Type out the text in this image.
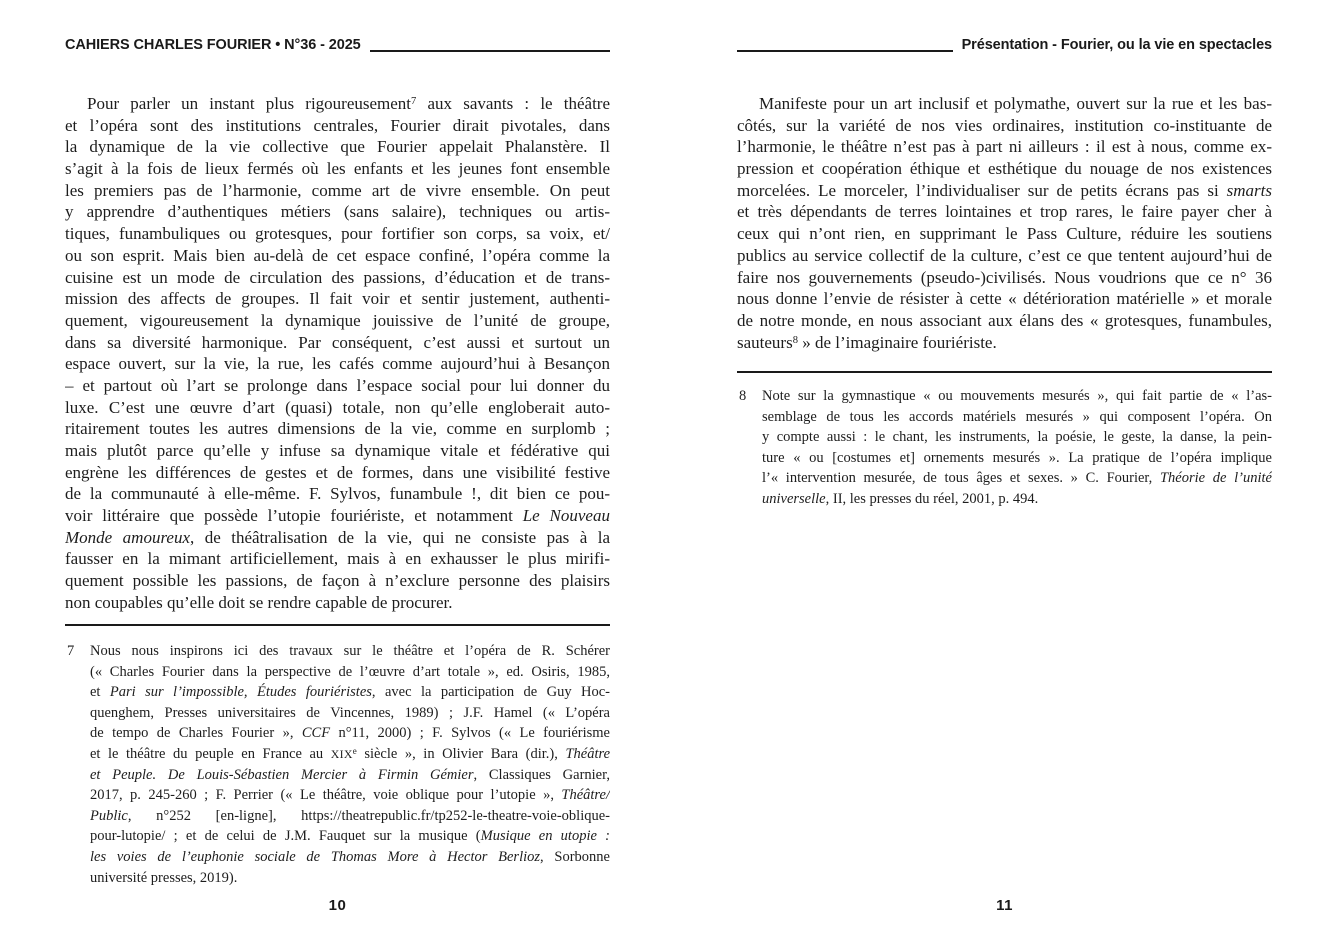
CAHIERS CHARLES FOURIER • N°36 - 2025
Pour parler un instant plus rigoureusement$^7$ aux savants : le théâtre
et l’opéra sont des institutions centrales, Fourier dirait pivotales, dans
la dynamique de la vie collective que Fourier appelait Phalanstère. Il
s’agit à la fois de lieux fermés où les enfants et les jeunes font ensemble
les premiers pas de l’harmonie, comme art de vivre ensemble. On peut
y apprendre d’authentiques métiers (sans salaire), techniques ou artis-
tiques, funambuliques ou grotesques, pour fortifier son corps, sa voix, et/
ou son esprit. Mais bien au-delà de cet espace confiné, l’opéra comme la
cuisine est un mode de circulation des passions, d’éducation et de trans-
mission des affects de groupes. Il fait voir et sentir justement, authenti-
quement, vigoureusement la dynamique jouissive de l’unité de groupe,
dans sa diversité harmonique. Par conséquent, c’est aussi et surtout un
espace ouvert, sur la vie, la rue, les cafés comme aujourd’hui à Besançon
– et partout où l’art se prolonge dans l’espace social pour lui donner du
luxe. C’est une œuvre d’art (quasi) totale, non qu’elle engloberait auto-
ritairement toutes les autres dimensions de la vie, comme en surplomb ;
mais plutôt parce qu’elle y infuse sa dynamique vitale et fédérative qui
engrène les différences de gestes et de formes, dans une visibilité festive
de la communauté à elle-même. F. Sylvos, funambule !, dit bien ce pou-
voir littéraire que possède l’utopie fouriériste, et notamment Le Nouveau
Monde amoureux, de théâtralisation de la vie, qui ne consiste pas à la
fausser en la mimant artificiellement, mais à en exhausser le plus mirifi-
quement possible les passions, de façon à n’exclure personne des plaisirs
non coupables qu’elle doit se rendre capable de procurer.
7 Nous nous inspirons ici des travaux sur le théâtre et l’opéra de R. Schérer
(« Charles Fourier dans la perspective de l’œuvre d’art totale », ed. Osiris, 1985,
et Pari sur l’impossible, Études fouriéristes, avec la participation de Guy Hoc-
quenghem, Presses universitaires de Vincennes, 1989) ; J.F. Hamel (« L’opéra
de tempo de Charles Fourier », CCF n°11, 2000) ; F. Sylvos (« Le fouriérisme
et le théâtre du peuple en France au XIXe siècle », in Olivier Bara (dir.), Théâtre
et Peuple. De Louis-Sébastien Mercier à Firmin Gémier, Classiques Garnier,
2017, p. 245-260 ; F. Perrier (« Le théâtre, voie oblique pour l’utopie », Théâtre/
Public, n°252 [en-ligne], https://theatrepublic.fr/tp252-le-theatre-voie-oblique-
pour-lutopie/ ; et de celui de J.M. Fauquet sur la musique (Musique en utopie :
les voies de l’euphonie sociale de Thomas More à Hector Berlioz, Sorbonne
université presses, 2019).
10
Présentation - Fourier, ou la vie en spectacles
Manifeste pour un art inclusif et polymathe, ouvert sur la rue et les bas-
côtés, sur la variété de nos vies ordinaires, institution co-instituante de
l’harmonie, le théâtre n’est pas à part ni ailleurs : il est à nous, comme ex-
pression et coopération éthique et esthétique du nouage de nos existences
morcelées. Le morceler, l’individualiser sur de petits écrans pas si smarts
et très dépendants de terres lointaines et trop rares, le faire payer cher à
ceux qui n’ont rien, en supprimant le Pass Culture, réduire les soutiens
publics au service collectif de la culture, c’est ce que tentent aujourd’hui de
faire nos gouvernements (pseudo-)civilisés. Nous voudrions que ce n° 36
nous donne l’envie de résister à cette « détérioration matérielle » et morale
de notre monde, en nous associant aux élans des « grotesques, funambules,
sauteurs$^8$ » de l’imaginaire fouriériste.
8 Note sur la gymnastique « ou mouvements mesurés », qui fait partie de « l’as-
semblage de tous les accords matériels mesurés » qui composent l’opéra. On
y compte aussi : le chant, les instruments, la poésie, le geste, la danse, la pein-
ture « ou [costumes et] ornements mesurés ». La pratique de l’opéra implique
l’« intervention mesurée, de tous âges et sexes. » C. Fourier, Théorie de l’unité
universelle, II, les presses du réel, 2001, p. 494.
11
